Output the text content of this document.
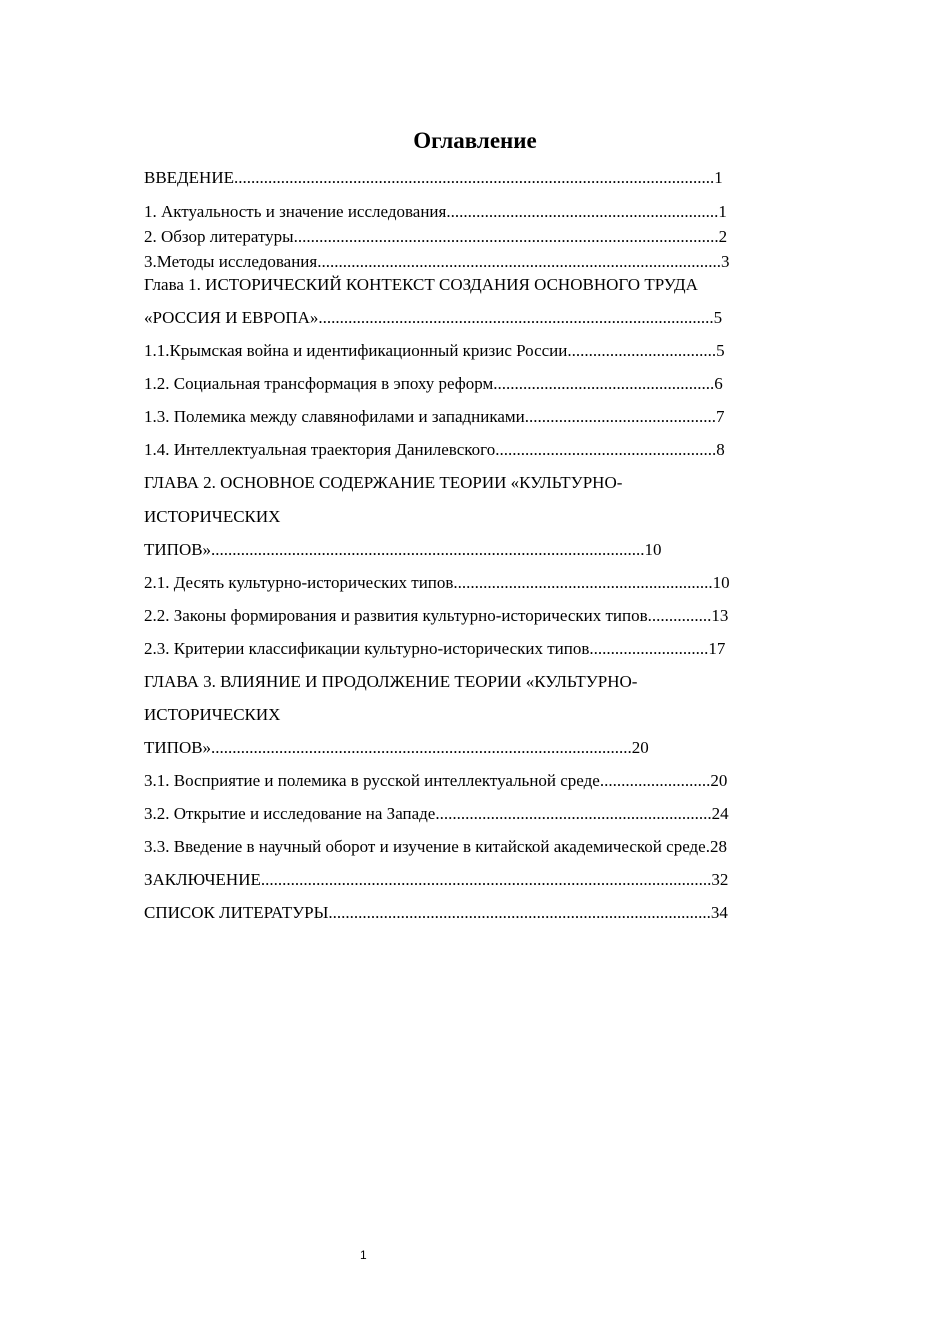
Оглавление
ВВЕДЕНИЕ.................................................................................................................1
1. Актуальность и значение исследования................................................................1
2. Обзор литературы....................................................................................................2
3.Методы исследования...............................................................................................3
Глава 1. ИСТОРИЧЕСКИЙ КОНТЕКСТ СОЗДАНИЯ ОСНОВНОГО ТРУДА
«РОССИЯ И ЕВРОПА».............................................................................................5
1.1.Крымская война и идентификационный кризис России...................................5
1.2. Социальная трансформация в эпоху реформ....................................................6
1.3. Полемика между славянофилами и западниками.............................................7
1.4. Интеллектуальная траектория Данилевского....................................................8
ГЛАВА 2. ОСНОВНОЕ СОДЕРЖАНИЕ ТЕОРИИ «КУЛЬТУРНО-
ИСТОРИЧЕСКИХ
ТИПОВ»......................................................................................................10
2.1. Десять культурно-исторических типов.............................................................10
2.2. Законы формирования и развития культурно-исторических типов...............13
2.3. Критерии классификации культурно-исторических типов............................17
ГЛАВА 3. ВЛИЯНИЕ И ПРОДОЛЖЕНИЕ ТЕОРИИ «КУЛЬТУРНО-
ИСТОРИЧЕСКИХ
ТИПОВ»...................................................................................................20
3.1. Восприятие и полемика в русской интеллектуальной среде..........................20
3.2. Открытие и исследование на Западе.................................................................24
3.3. Введение в научный оборот и изучение в китайской академической среде.28
ЗАКЛЮЧЕНИЕ..........................................................................................................32
СПИСОК ЛИТЕРАТУРЫ..........................................................................................34
1
